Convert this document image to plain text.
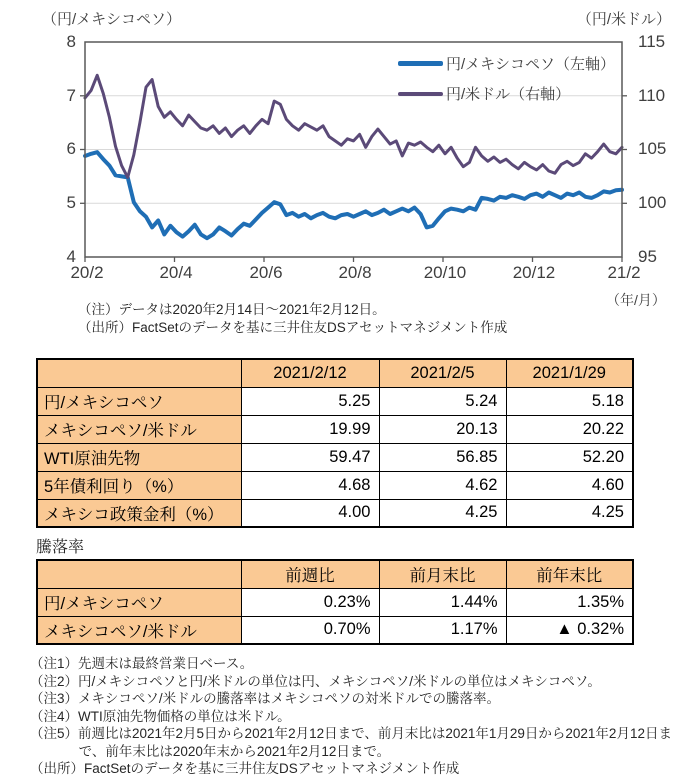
（円/メキシコペソ）	（円/米ドル）
8
7
6
5
4
115
110
105
100
95
円/メキシコペソ（左軸）
円/米ドル（右軸）
20/2	20/4	20/6	20/8	20/10	20/12	21/2
（年/月）
（注）データは2020年2月14日～2021年2月12日。
（出所）FactSetのデータを基に三井住友DSアセットマネジメント作成
	2021/2/12	2021/2/5	2021/1/29
円/メキシコペソ	5.25	5.24	5.18
メキシコペソ/米ドル	19.99	20.13	20.22
WTI原油先物	59.47	56.85	52.20
5年債利回り（%）	4.68	4.62	4.60
メキシコ政策金利（%）	4.00	4.25	4.25
騰落率
	前週比	前月末比	前年末比
円/メキシコペソ	0.23%	1.44%	1.35%
メキシコペソ/米ドル	0.70%	1.17%	▲ 0.32%
（注1）先週末は最終営業日ベース。
（注2）円/メキシコペソと円/米ドルの単位は円、メキシコペソ/米ドルの単位はメキシコペソ。
（注3）メキシコペソ/米ドルの騰落率はメキシコペソの対米ドルでの騰落率。
（注4）WTI原油先物価格の単位は米ドル。
（注5）前週比は2021年2月5日から2021年2月12日まで、前月末比は2021年1月29日から2021年2月12日まで、前年末比は2020年末から2021年2月12日まで。
（出所）FactSetのデータを基に三井住友DSアセットマネジメント作成
